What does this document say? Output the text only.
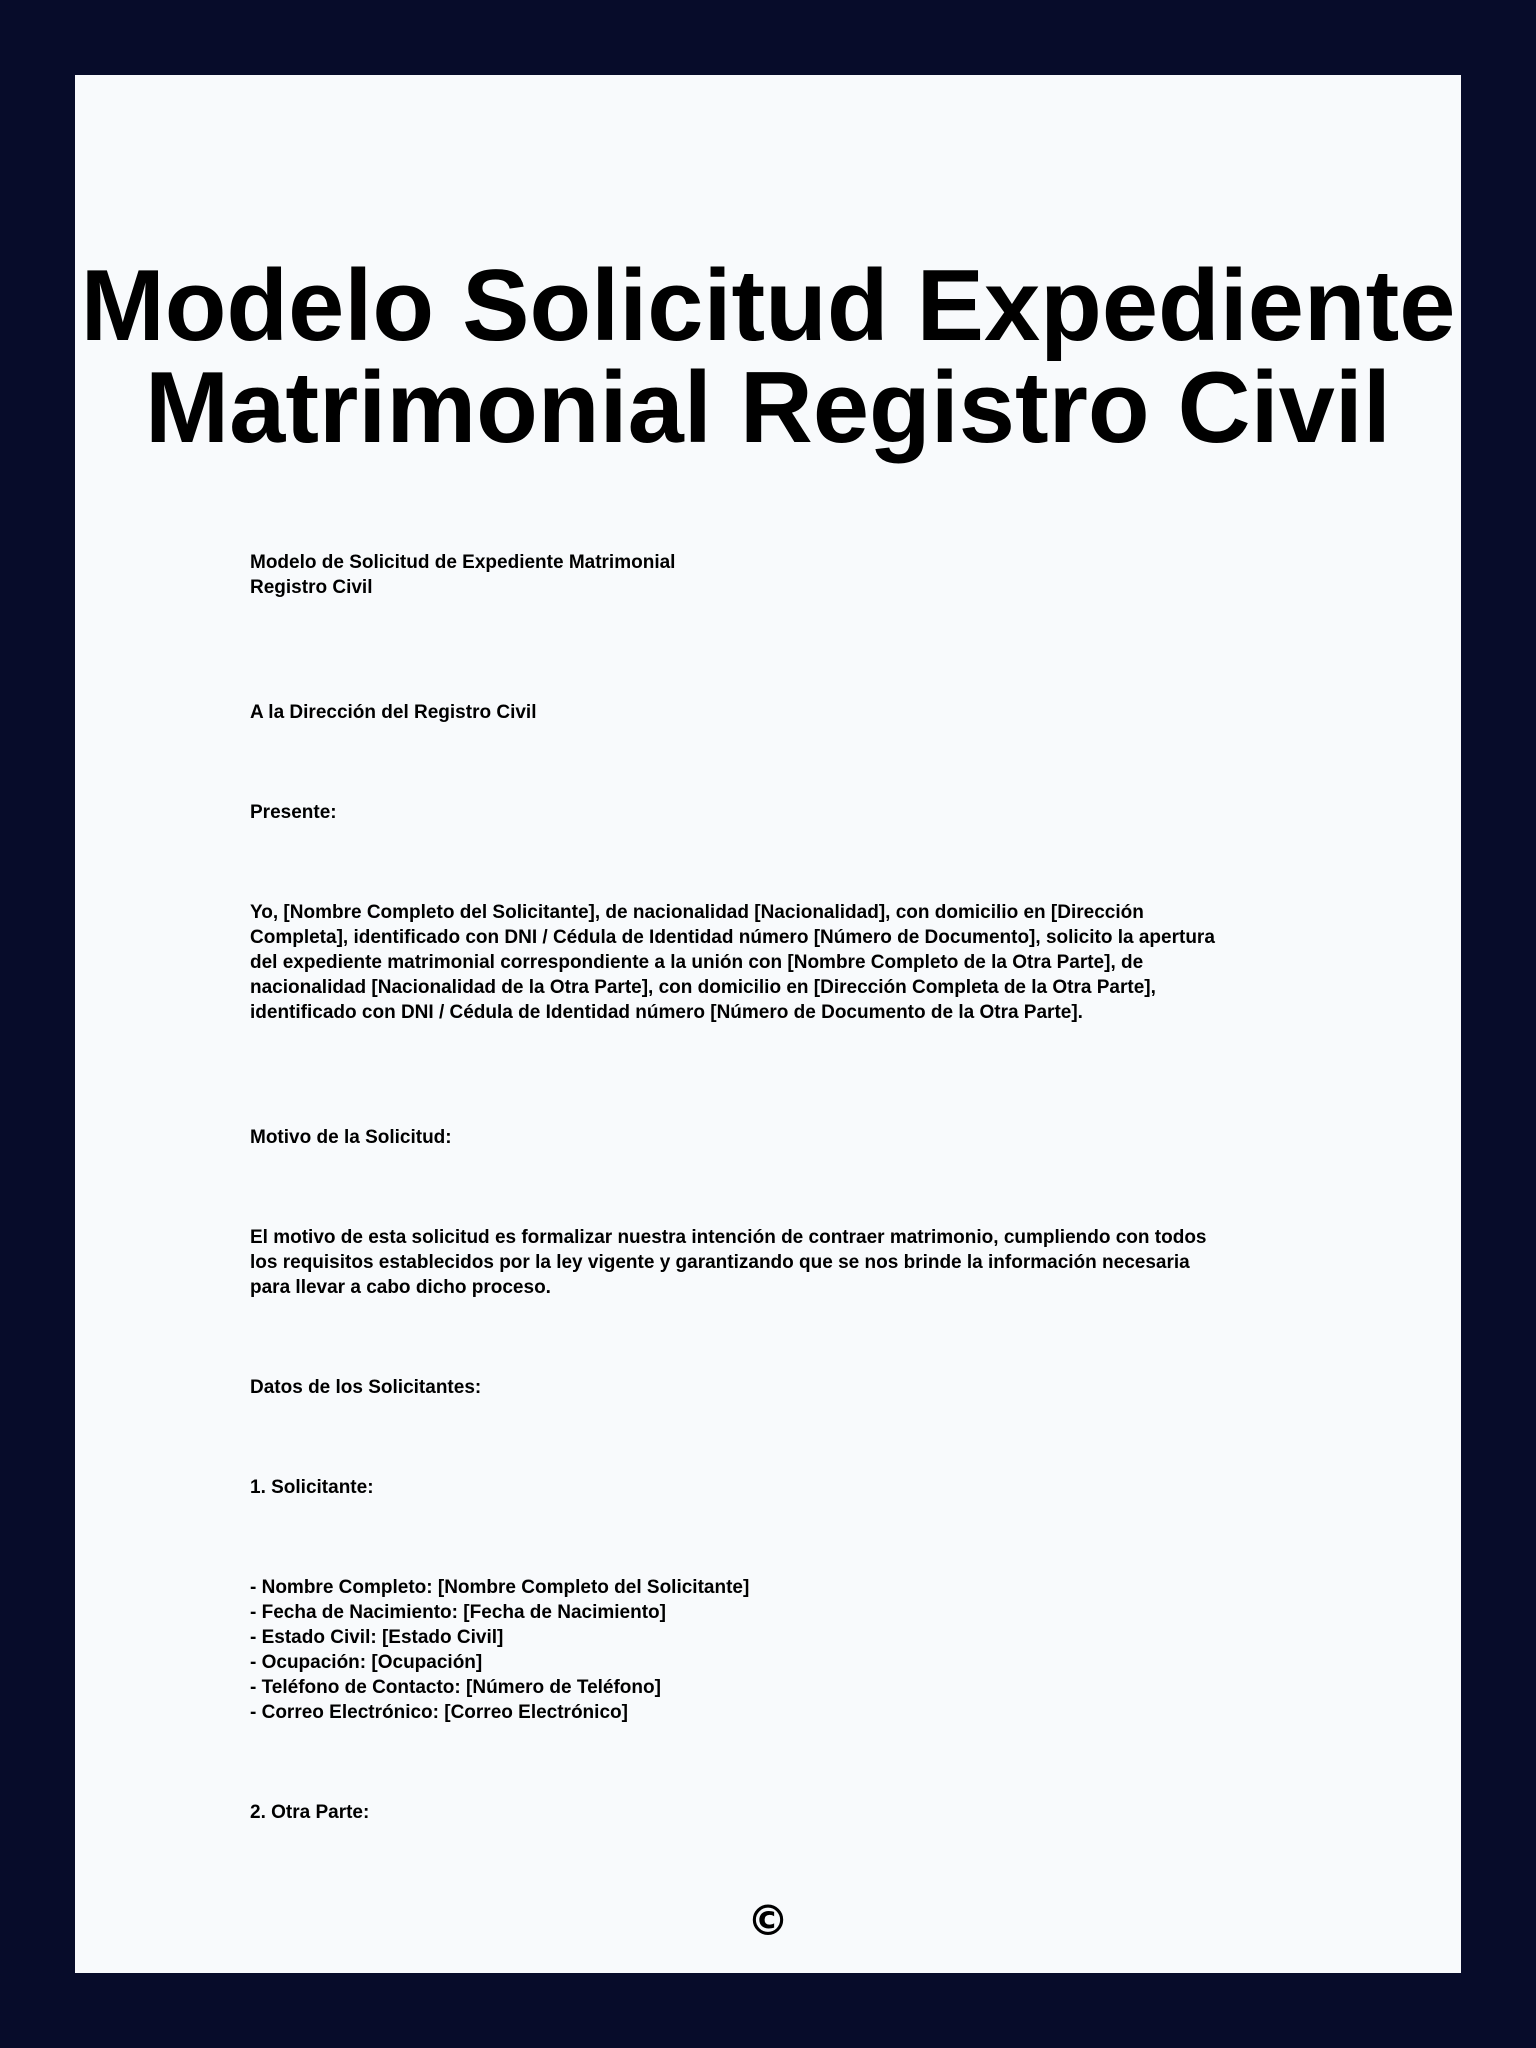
Modelo Solicitud Expediente
Matrimonial Registro Civil
Modelo de Solicitud de Expediente Matrimonial
Registro Civil
A la Dirección del Registro Civil
Presente:
Yo, [Nombre Completo del Solicitante], de nacionalidad [Nacionalidad], con domicilio en [Dirección
Completa], identificado con DNI / Cédula de Identidad número [Número de Documento], solicito la apertura
del expediente matrimonial correspondiente a la unión con [Nombre Completo de la Otra Parte], de
nacionalidad [Nacionalidad de la Otra Parte], con domicilio en [Dirección Completa de la Otra Parte],
identificado con DNI / Cédula de Identidad número [Número de Documento de la Otra Parte].
Motivo de la Solicitud:
El motivo de esta solicitud es formalizar nuestra intención de contraer matrimonio, cumpliendo con todos
los requisitos establecidos por la ley vigente y garantizando que se nos brinde la información necesaria
para llevar a cabo dicho proceso.
Datos de los Solicitantes:
1. Solicitante:
- Nombre Completo: [Nombre Completo del Solicitante]
- Fecha de Nacimiento: [Fecha de Nacimiento]
- Estado Civil: [Estado Civil]
- Ocupación: [Ocupación]
- Teléfono de Contacto: [Número de Teléfono]
- Correo Electrónico: [Correo Electrónico]
2. Otra Parte:
©
